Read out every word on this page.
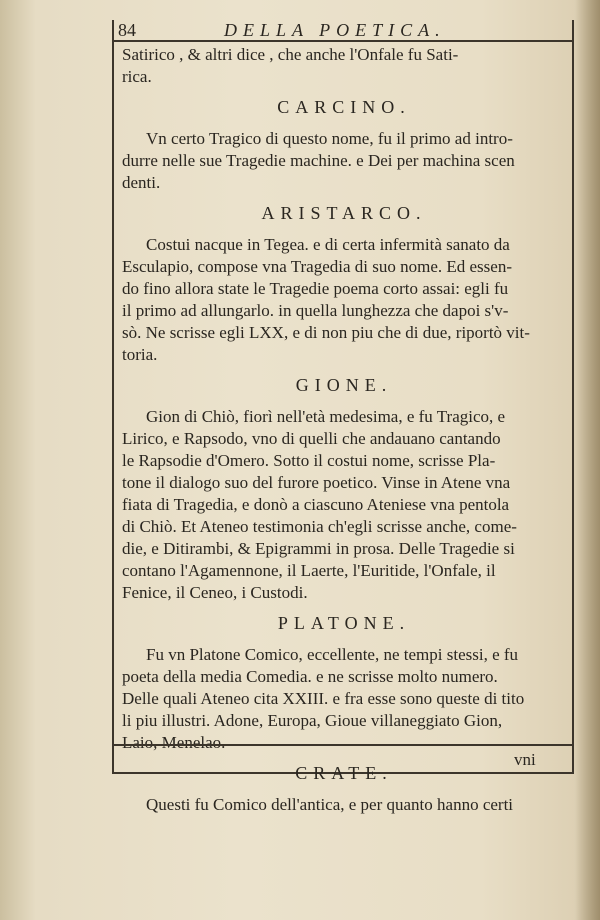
84	DELLA POETICA.

Satirico , & altri dice , che anche l'Onfale fu Sati-

rica.

CARCINO.

Vn certo Tragico di questo nome, fu il primo ad intro-

durre nelle sue Tragedie machine. e Dei per machina scen

denti.

ARISTARCO.

Costui nacque in Tegea. e di certa infermità sanato da

Esculapio, compose vna Tragedia di suo nome. Ed essen-

do fino allora state le Tragedie poema corto assai: egli fu

il primo ad allungarlo. in quella lunghezza che dapoi s'v-

sò. Ne scrisse egli LXX, e di non piu che di due, riportò vit-

toria.

GIONE.

Gion di Chiò, fiorì nell'età medesima, e fu Tragico, e

Lirico, e Rapsodo, vno di quelli che andauano cantando

le Rapsodie d'Omero. Sotto il costui nome, scrisse Pla-

tone il dialogo suo del furore poetico. Vinse in Atene vna

fiata di Tragedia, e donò a ciascuno Ateniese vna pentola

di Chiò. Et Ateneo testimonia ch'egli scrisse anche, come-

die, e Ditirambi, & Epigrammi in prosa. Delle Tragedie si

contano l'Agamennone, il Laerte, l'Euritide, l'Onfale, il

Fenice, il Ceneo, i Custodi.

PLATONE.

Fu vn Platone Comico, eccellente, ne tempi stessi, e fu

poeta della media Comedia. e ne scrisse molto numero.

Delle quali Ateneo cita XXIII. e fra esse sono queste di tito

li piu illustri. Adone, Europa, Gioue villaneggiato Gion,

Laio, Menelao.

CRATE.

Questi fu Comico dell'antica, e per quanto hanno certi

vni
